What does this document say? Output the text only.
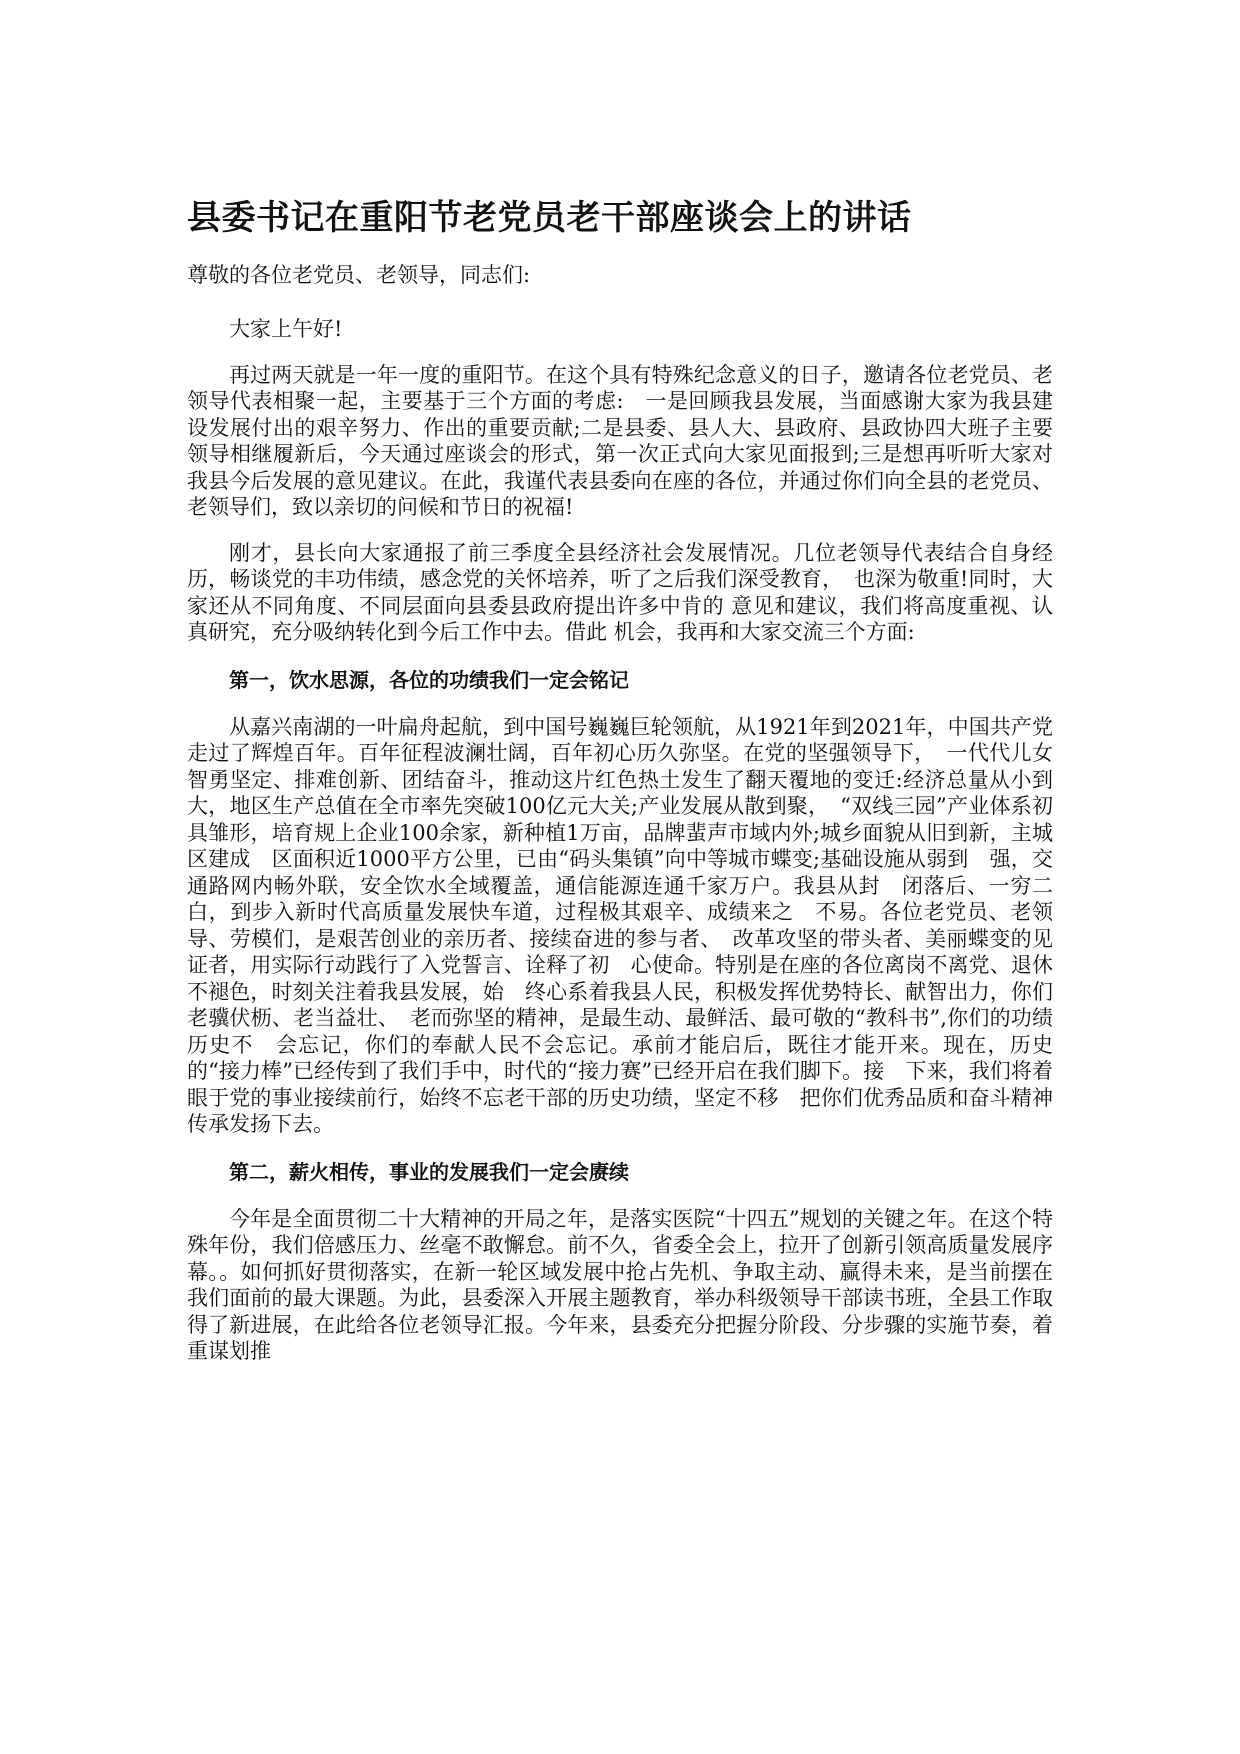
县委书记在重阳节老党员老干部座谈会上的讲话

尊敬的各位老党员、老领导，同志们:

大家上午好!

再过两天就是一年一度的重阳节。在这个具有特殊纪念意义的日子，邀请各位老党员、老领导代表相聚一起，主要基于三个方面的考虑:　一是回顾我县发展，当面感谢大家为我县建设发展付出的艰辛努力、作出的重要贡献;二是县委、县人大、县政府、县政协四大班子主要领导相继履新后，今天通过座谈会的形式，第一次正式向大家见面报到;三是想再听听大家对我县今后发展的意见建议。在此，我谨代表县委向在座的各位，并通过你们向全县的老党员、老领导们，致以亲切的问候和节日的祝福!

刚才，县长向大家通报了前三季度全县经济社会发展情况。几位老领导代表结合自身经历，畅谈党的丰功伟绩，感念党的关怀培养，听了之后我们深受教育，　也深为敬重!同时，大家还从不同角度、不同层面向县委县政府提出许多中肯的 意见和建议，我们将高度重视、认真研究，充分吸纳转化到今后工作中去。借此 机会，我再和大家交流三个方面:

第一，饮水思源，各位的功绩我们一定会铭记

从嘉兴南湖的一叶扁舟起航，到中国号巍巍巨轮领航，从1921年到2021年，中国共产党走过了辉煌百年。百年征程波澜壮阔，百年初心历久弥坚。在党的坚强领导下，　一代代儿女智勇坚定、排难创新、团结奋斗，推动这片红色热土发生了翻天覆地的变迁:经济总量从小到大，地区生产总值在全市率先突破100亿元大关;产业发展从散到聚，　“双线三园”产业体系初具雏形，培育规上企业100余家，新种植1万亩，品牌蜚声市域内外;城乡面貌从旧到新，主城区建成　区面积近1000平方公里，已由“码头集镇”向中等城市蝶变;基础设施从弱到　强，交通路网内畅外联，安全饮水全域覆盖，通信能源连通千家万户。我县从封　闭落后、一穷二白，到步入新时代高质量发展快车道，过程极其艰辛、成绩来之　不易。各位老党员、老领导、劳模们，是艰苦创业的亲历者、接续奋进的参与者、　改革攻坚的带头者、美丽蝶变的见证者，用实际行动践行了入党誓言、诠释了初　心使命。特别是在座的各位离岗不离党、退休不褪色，时刻关注着我县发展，始　终心系着我县人民，积极发挥优势特长、献智出力，你们老骥伏枥、老当益壮、　老而弥坚的精神，是最生动、最鲜活、最可敬的“教科书”,你们的功绩历史不　会忘记，你们的奉献人民不会忘记。承前才能启后，既往才能开来。现在，历史　的“接力棒”已经传到了我们手中，时代的“接力赛”已经开启在我们脚下。接　下来，我们将着眼于党的事业接续前行，始终不忘老干部的历史功绩，坚定不移　把你们优秀品质和奋斗精神传承发扬下去。

第二，薪火相传，事业的发展我们一定会赓续

今年是全面贯彻二十大精神的开局之年，是落实医院“十四五”规划的关键之年。在这个特殊年份，我们倍感压力、丝毫不敢懈怠。前不久，省委全会上，拉开了创新引领高质量发展序幕。。如何抓好贯彻落实，在新一轮区域发展中抢占先机、争取主动、赢得未来，是当前摆在我们面前的最大课题。为此，县委深入开展主题教育，举办科级领导干部读书班，全县工作取得了新进展，在此给各位老领导汇报。今年来，县委充分把握分阶段、分步骤的实施节奏，着重谋划推
